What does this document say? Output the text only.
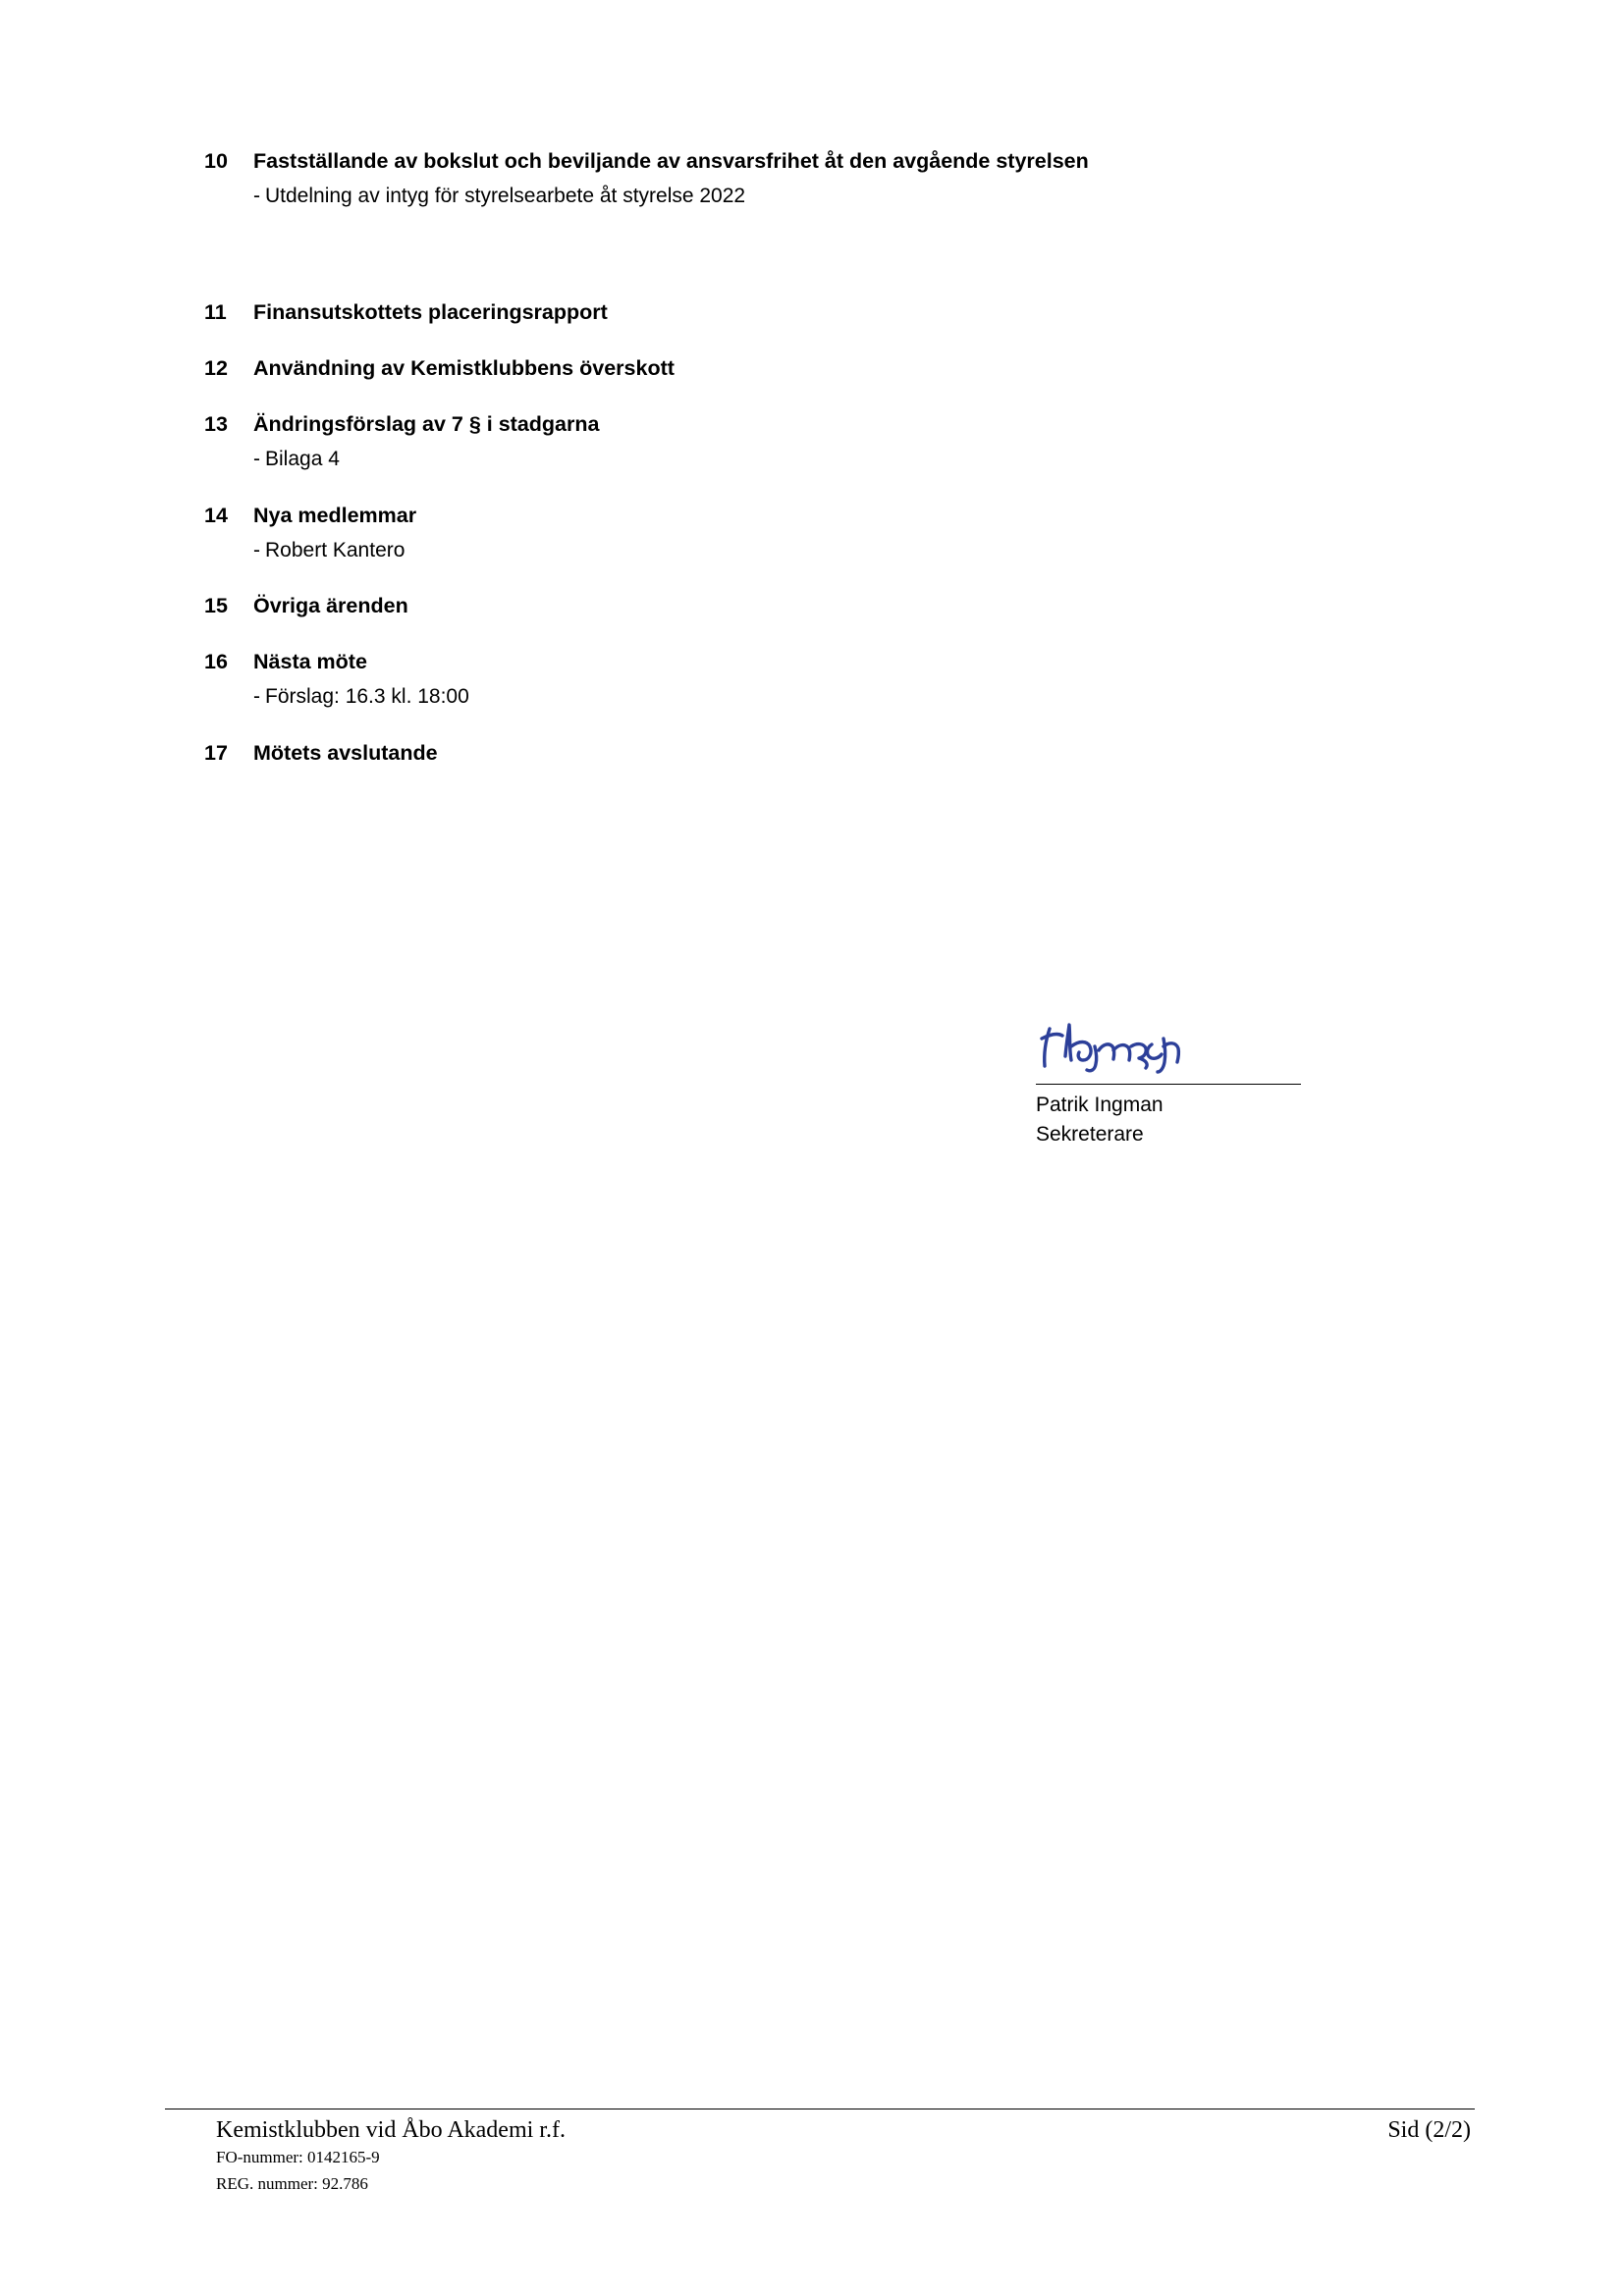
10	Fastställande av bokslut och beviljande av ansvarsfrihet åt den avgående styrelsen
- Utdelning av intyg för styrelsearbete åt styrelse 2022
11	Finansutskottets placeringsrapport
12	Användning av Kemistklubbens överskott
13	Ändringsförslag av 7 § i stadgarna
- Bilaga 4
14	Nya medlemmar
- Robert Kantero
15	Övriga ärenden
16	Nästa möte
- Förslag: 16.3 kl. 18:00
17	Mötets avslutande
Patrik Ingman
Sekreterare
Kemistklubben vid Åbo Akademi r.f.	Sid (2/2)
FO-nummer: 0142165-9
REG. nummer: 92.786
